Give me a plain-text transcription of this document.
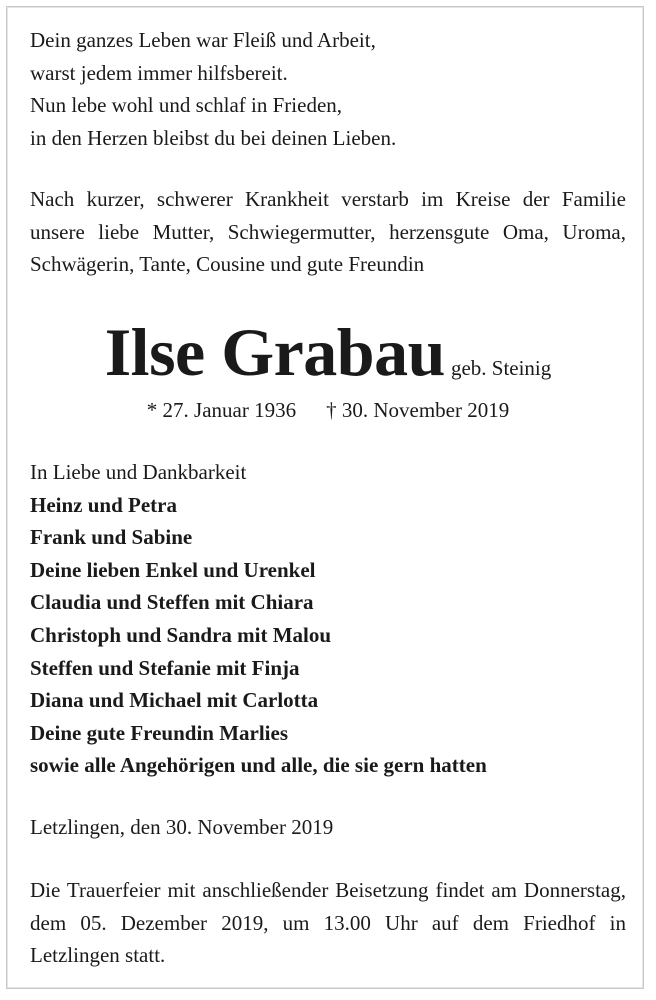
Dein ganzes Leben war Fleiß und Arbeit,

warst jedem immer hilfsbereit.

Nun lebe wohl und schlaf in Frieden,

in den Herzen bleibst du bei deinen Lieben.

Nach kurzer, schwerer Krankheit verstarb im Kreise der Familie unsere liebe Mutter, Schwiegermutter, herzensgute Oma, Uroma, Schwägerin, Tante, Cousine und gute Freundin

Ilse Grabau geb. Steinig
* 27. Januar 1936 † 30. November 2019

In Liebe und Dankbarkeit

Heinz und Petra

Frank und Sabine

Deine lieben Enkel und Urenkel

Claudia und Steffen mit Chiara

Christoph und Sandra mit Malou

Steffen und Stefanie mit Finja

Diana und Michael mit Carlotta

Deine gute Freundin Marlies

sowie alle Angehörigen und alle, die sie gern hatten

Letzlingen, den 30. November 2019

Die Trauerfeier mit anschließender Beisetzung findet am Donnerstag, dem 05. Dezember 2019, um 13.00 Uhr auf dem Friedhof in Letzlingen statt.
